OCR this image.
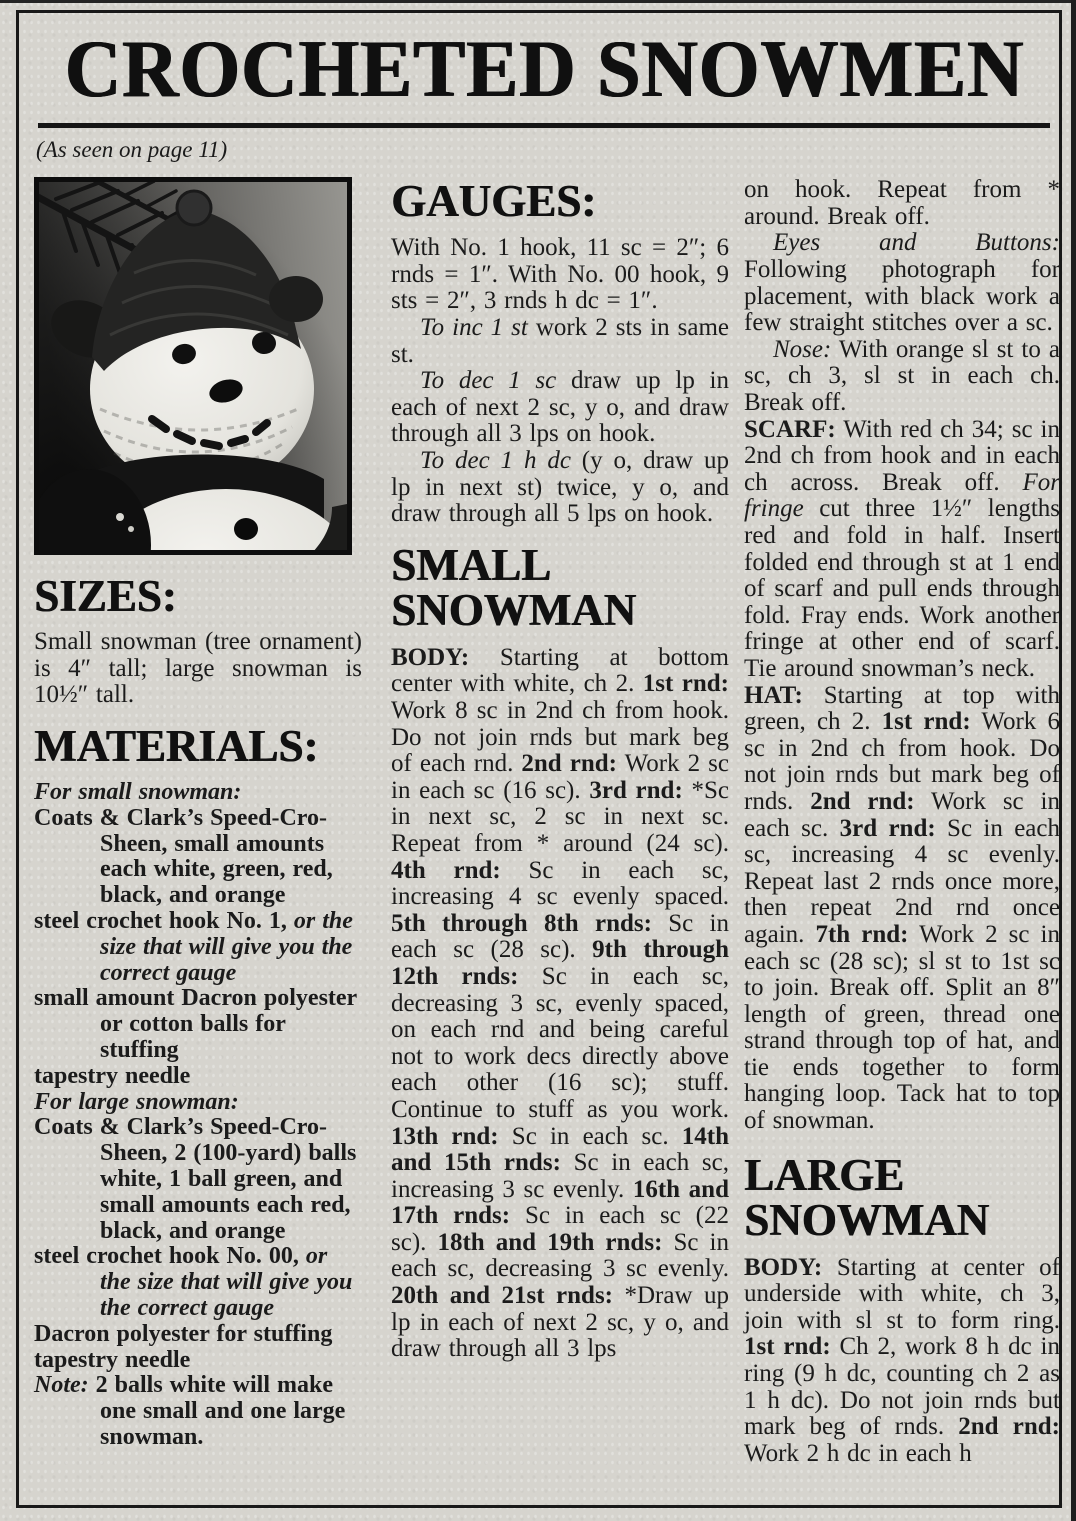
CROCHETED SNOWMEN
(As seen on page 11)
SIZES:

Small snowman (tree ornament) is 4″ tall; large snowman is 10½″ tall.

MATERIALS:

For small snowman:

Coats & Clark’s Speed-Cro-Sheen, small amounts each white, green, red, black, and orange

steel crochet hook No. 1, or the size that will give you the correct gauge

small amount Dacron polyester or cotton balls for stuffing

tapestry needle

For large snowman:

Coats & Clark’s Speed-Cro-Sheen, 2 (100-yard) balls white, 1 ball green, and small amounts each red, black, and orange

steel crochet hook No. 00, or the size that will give you the correct gauge

Dacron polyester for stuffing

tapestry needle

Note: 2 balls white will make one small and one large snowman.

GAUGES:

With No. 1 hook, 11 sc = 2″; 6 rnds = 1″. With No. 00 hook, 9 sts = 2″, 3 rnds h dc = 1″.

To inc 1 st work 2 sts in same st.

To dec 1 sc draw up lp in each of next 2 sc, y o, and draw through all 3 lps on hook.

To dec 1 h dc (y o, draw up lp in next st) twice, y o, and draw through all 5 lps on hook.

SMALL SNOWMAN

BODY: Starting at bottom center with white, ch 2. 1st rnd: Work 8 sc in 2nd ch from hook. Do not join rnds but mark beg of each rnd. 2nd rnd: Work 2 sc in each sc (16 sc). 3rd rnd: *Sc in next sc, 2 sc in next sc. Repeat from * around (24 sc). 4th rnd: Sc in each sc, increasing 4 sc evenly spaced. 5th through 8th rnds: Sc in each sc (28 sc). 9th through 12th rnds: Sc in each sc, decreasing 3 sc, evenly spaced, on each rnd and being careful not to work decs directly above each other (16 sc); stuff. Continue to stuff as you work. 13th rnd: Sc in each sc. 14th and 15th rnds: Sc in each sc, increasing 3 sc evenly. 16th and 17th rnds: Sc in each sc (22 sc). 18th and 19th rnds: Sc in each sc, decreasing 3 sc evenly. 20th and 21st rnds: *Draw up lp in each of next 2 sc, y o, and draw through all 3 lps

on hook. Repeat from * around. Break off.

Eyes and Buttons: Following photograph for placement, with black work a few straight stitches over a sc.

Nose: With orange sl st to a sc, ch 3, sl st in each ch. Break off.

SCARF: With red ch 34; sc in 2nd ch from hook and in each ch across. Break off. For fringe cut three 1½″ lengths red and fold in half. Insert folded end through st at 1 end of scarf and pull ends through fold. Fray ends. Work another fringe at other end of scarf. Tie around snowman’s neck.

HAT: Starting at top with green, ch 2. 1st rnd: Work 6 sc in 2nd ch from hook. Do not join rnds but mark beg of rnds. 2nd rnd: Work sc in each sc. 3rd rnd: Sc in each sc, increasing 4 sc evenly. Repeat last 2 rnds once more, then repeat 2nd rnd once again. 7th rnd: Work 2 sc in each sc (28 sc); sl st to 1st sc to join. Break off. Split an 8″ length of green, thread one strand through top of hat, and tie ends together to form hanging loop. Tack hat to top of snowman.

LARGE SNOWMAN

BODY: Starting at center of underside with white, ch 3, join with sl st to form ring. 1st rnd: Ch 2, work 8 h dc in ring (9 h dc, counting ch 2 as 1 h dc). Do not join rnds but mark beg of rnds. 2nd rnd: Work 2 h dc in each h
